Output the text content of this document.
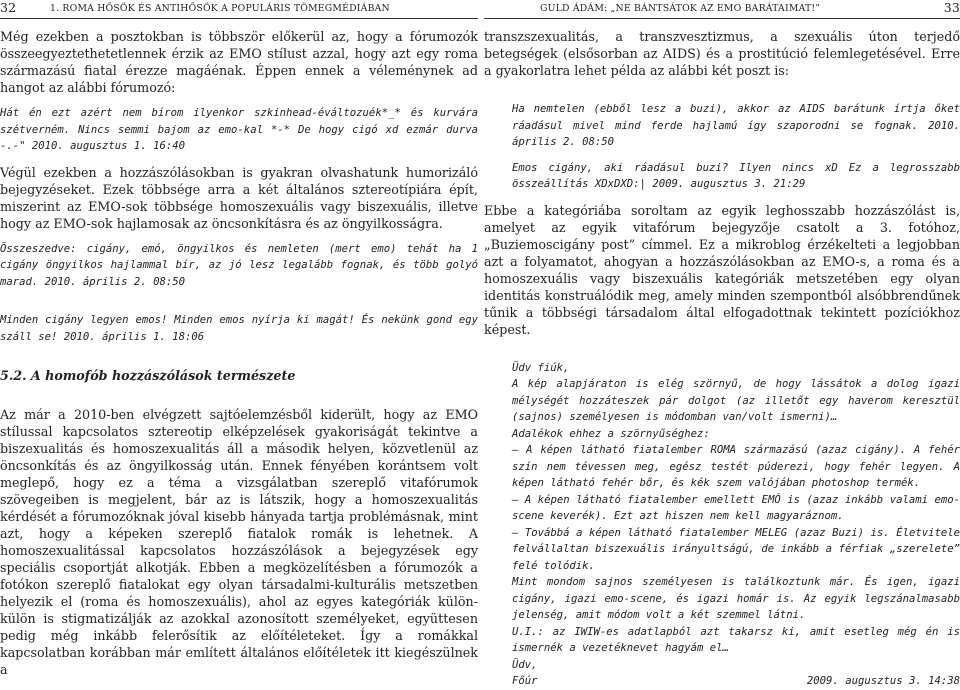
32	1. ROMA HŐSÖK ÉS ANTIHŐSÖK A POPULÁRIS TÖMEGMÉDIÁBAN

Még ezekben a posztokban is többször előkerül az, hogy a fórumozók összeegyeztethetetlennek érzik az EMO stílust azzal, hogy azt egy roma származású fiatal érezze magáénak. Éppen ennek a véleménynek ad hangot az alábbi fórumozó:

Hát én ezt azért nem bírom ilyenkor szkinhead-éváltozuék*_* és kurvára szétverném. Nincs semmi bajom az emo-kal *-* De hogy cigó xd ezmár durva -.-" 2010. augusztus 1. 16:40

Végül ezekben a hozzászólásokban is gyakran olvashatunk humorizáló bejegyzéseket. Ezek többsége arra a két általános sztereotípiára épít, miszerint az EMO-sok többsége homoszexuális vagy biszexuális, illetve hogy az EMO-sok hajlamosak az öncsonkításra és az öngyilkosságra.

Összeszedve: cigány, emó, öngyilkos és nemleten (mert emo) tehát ha 1 cigány öngyilkos hajlammal bír, az jó lesz legalább fognak, és több golyó marad. 2010. április 2. 08:50

Minden cigány legyen emos! Minden emos nyírja ki magát! És nekünk gond egy száll se! 2010. április 1. 18:06

5.2. A homofób hozzászólások természete

Az már a 2010-ben elvégzett sajtóelemzésből kiderült, hogy az EMO stílussal kapcsolatos sztereotip elképzelések gyakoriságát tekintve a biszexualitás és homoszexualitás áll a második helyen, közvetlenül az öncsonkítás és az öngyilkosság után. Ennek fényében korántsem volt meglepő, hogy ez a téma a vizsgálatban szereplő vitafórumok szövegeiben is megjelent, bár az is látszik, hogy a homoszexualitás kérdését a fórumozóknak jóval kisebb hányada tartja problémásnak, mint azt, hogy a képeken szereplő fiatalok romák is lehetnek. A homoszexualitással kapcsolatos hozzászólások a bejegyzések egy speciális csoportját alkotják. Ebben a megközelítésben a fórumozók a fotókon szereplő fiatalokat egy olyan társadalmi-kulturális metszetben helyezik el (roma és homoszexuális), ahol az egyes kategóriák külön-külön is stigmatizálják az azokkal azonosított személyeket, együttesen pedig még inkább felerősítik az előítéleteket. Így a romákkal kapcsolatban korábban már említett általános előítéletek itt kiegészülnek a

GULD ÁDÁM: „NE BÁNTSÁTOK AZ EMO BARÁTAIMAT!”	33

transzszexualitás, a transzvesztizmus, a szexuális úton terjedő betegségek (elsősorban az AIDS) és a prostitúció felemlegetésével. Erre a gyakorlatra lehet példa az alábbi két poszt is:

Ha nemtelen (ebből lesz a buzi), akkor az AIDS barátunk írtja őket ráadásul mivel mind ferde hajlamú így szaporodni se fognak. 2010. április 2. 08:50

Emos cigány, aki ráadásul buzi? Ilyen nincs xD Ez a legrosszabb összeállítás XDxDXD:| 2009. augusztus 3. 21:29

Ebbe a kategóriába soroltam az egyik leghosszabb hozzászólást is, amelyet az egyik vitafórum bejegyzője csatolt a 3. fotóhoz, „Buziemoscigány post” címmel. Ez a mikroblog érzékelteti a legjobban azt a folyamatot, ahogyan a hozzászólásokban az EMO-s, a roma és a homoszexuális vagy biszexuális kategóriák metszetében egy olyan identitás konstruálódik meg, amely minden szempontból alsóbbrendűnek tűnik a többségi társadalom által elfogadottnak tekintett pozíciókhoz képest.

Üdv fiúk,

A kép alapjáraton is elég szörnyű, de hogy lássátok a dolog igazi mélységét hozzáteszek pár dolgot (az illetőt egy haverom keresztül (sajnos) személyesen is módomban van/volt ismerni)…

Adalékok ehhez a szörnyűséghez:

– A képen látható fiatalember ROMA származású (azaz cigány). A fehér szín nem tévessen meg, egész testét púderezi, hogy fehér legyen. A képen látható fehér bőr, és kék szem valójában photoshop termék.

– A képen látható fiatalember emellett EMÓ is (azaz inkább valami emo-scene keverék). Ezt azt hiszen nem kell magyaráznom.

– Továbbá a képen látható fiatalember MELEG (azaz Buzi) is. Életvitele felvállaltan biszexuális irányultságú, de inkább a férfiak „szerelete” felé tolódik.

Mint mondom sajnos személyesen is találkoztunk már. És igen, igazi cigány, igazi emo-scene, és igazi homár is. Az egyik legszánalmasabb jelenség, amit módom volt a két szemmel látni.

U.I.: az IWIW-es adatlapból azt takarsz ki, amit esetleg még én is ismernék a vezetéknevet hagyám el…

Üdv,

Főúr	2009. augusztus 3. 14:38
